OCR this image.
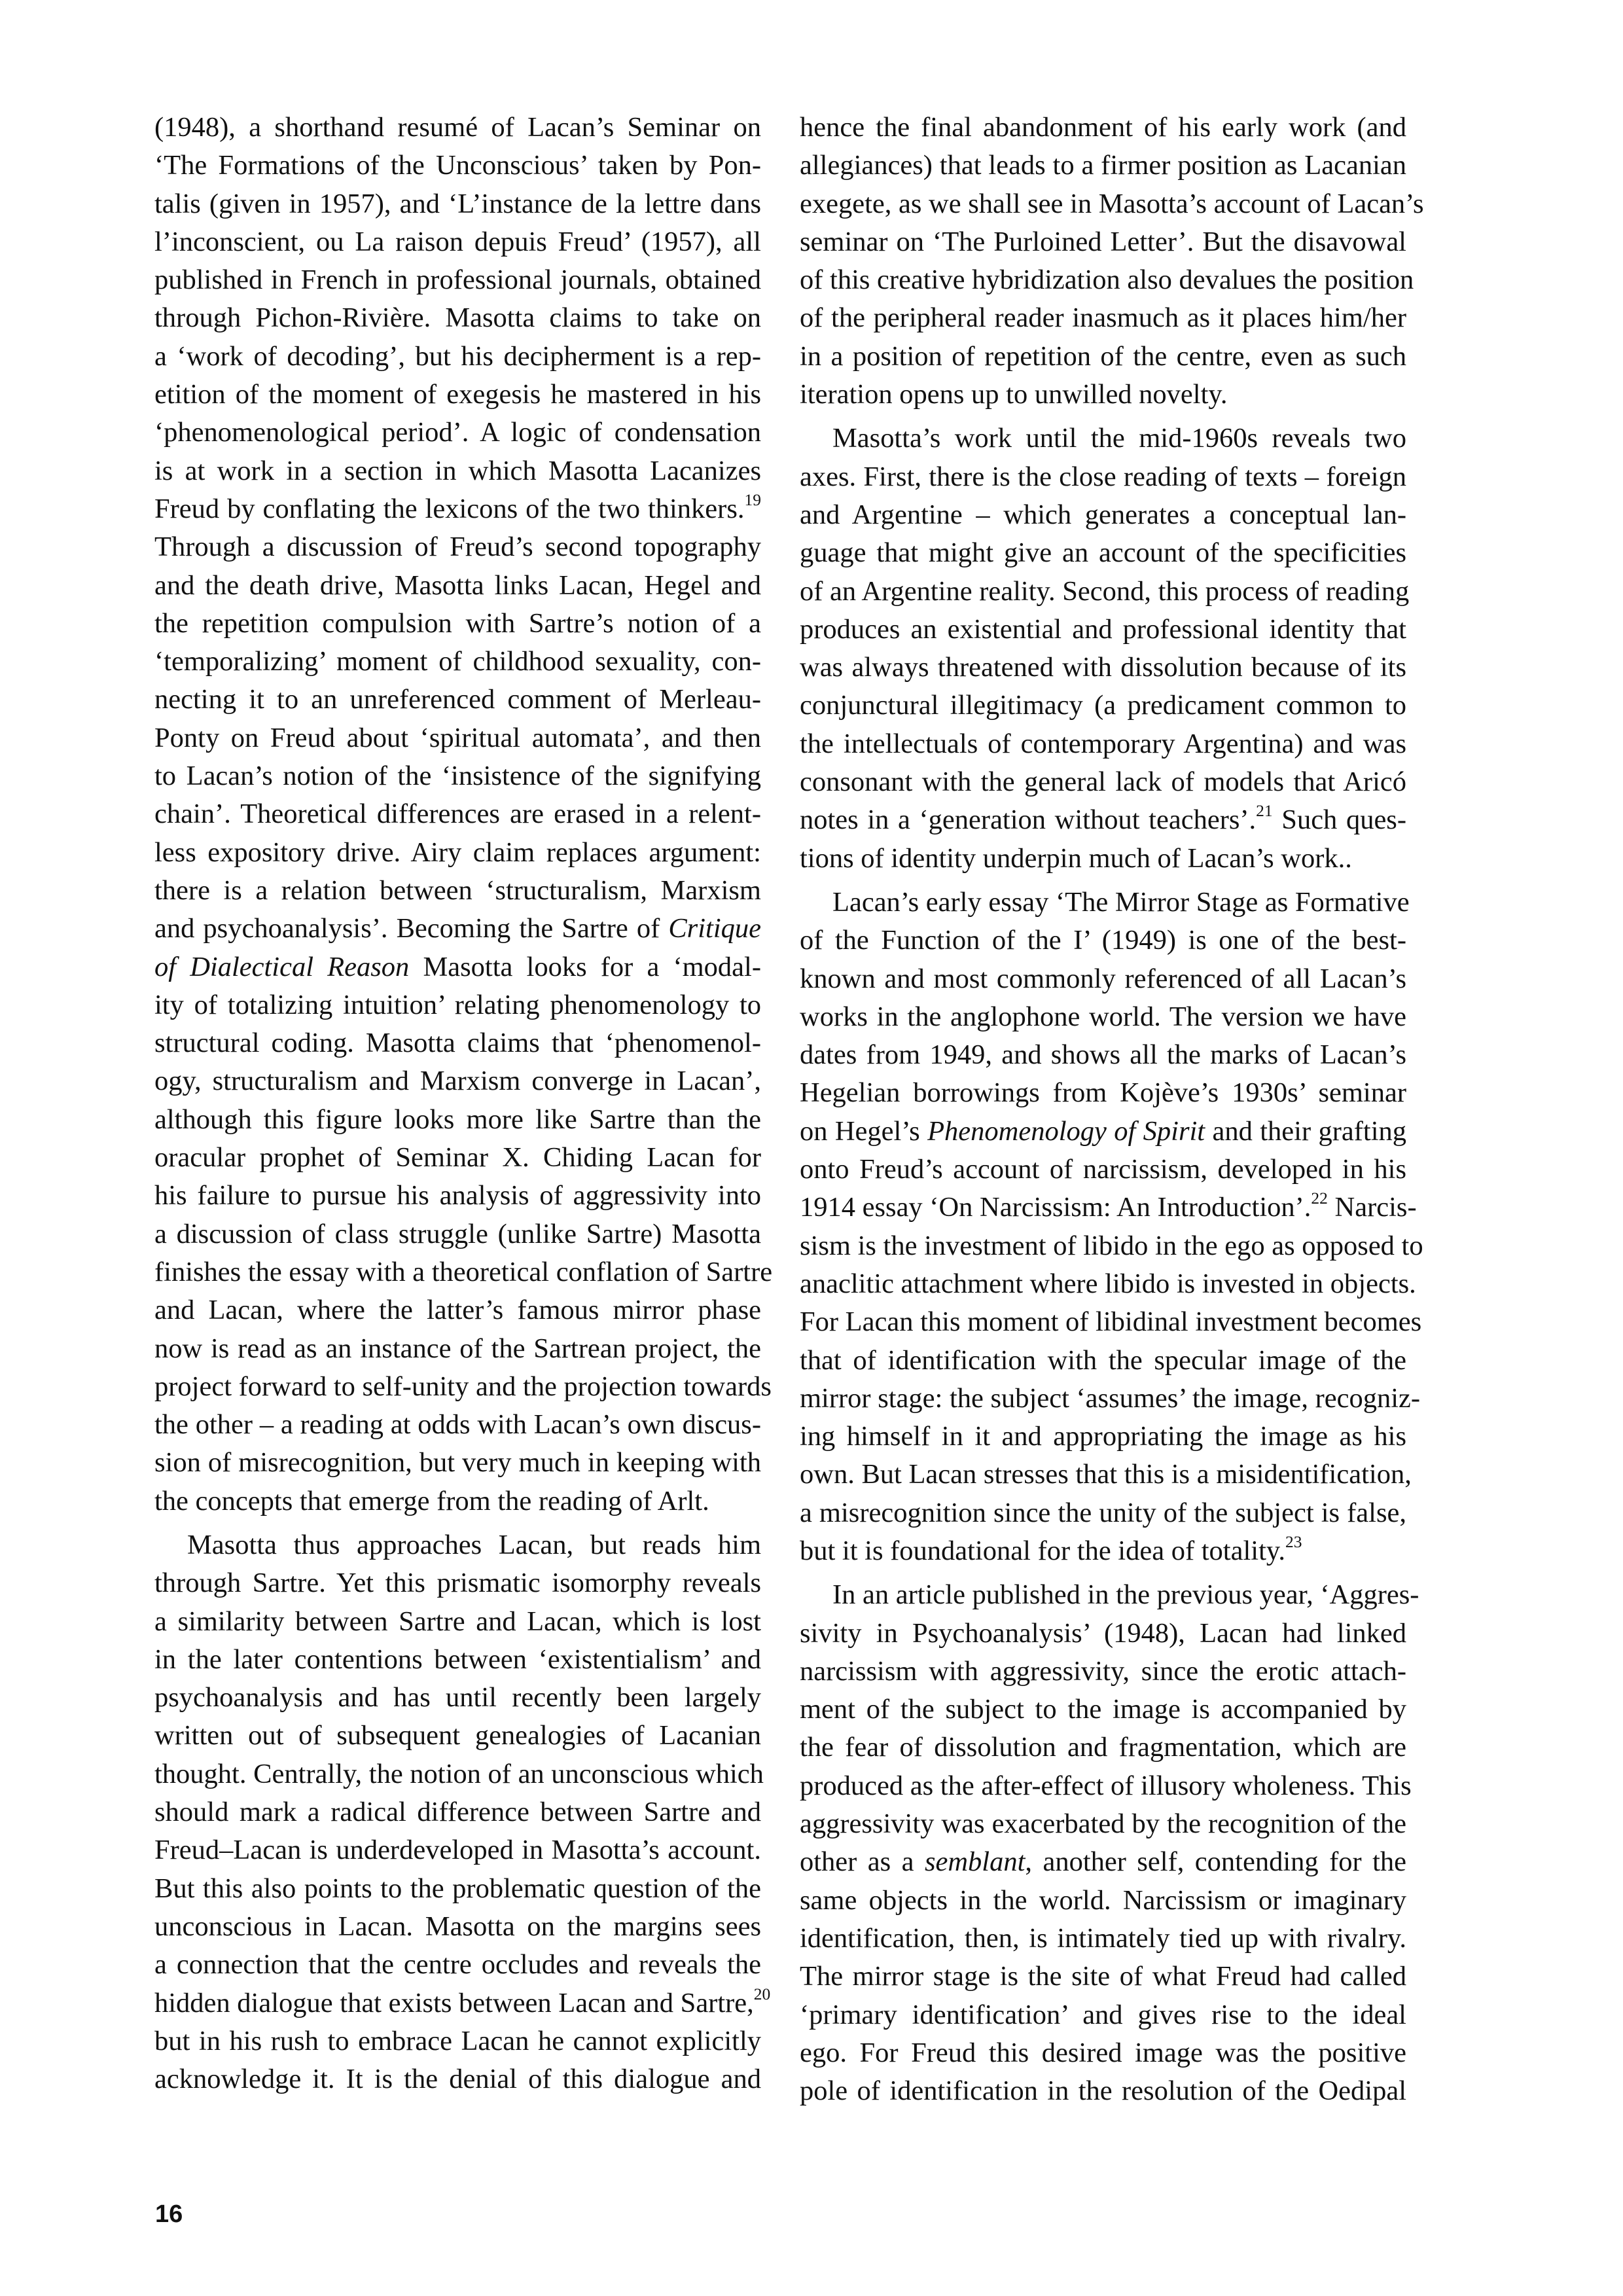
(1948), a shorthand resumé of Lacan’s Seminar on
‘The Formations of the Unconscious’ taken by Pon-
talis (given in 1957), and ‘L’instance de la lettre dans
l’inconscient, ou La raison depuis Freud’ (1957), all
published in French in professional journals, obtained
through Pichon-Rivière. Masotta claims to take on
a ‘work of decoding’, but his decipherment is a rep-
etition of the moment of exegesis he mastered in his
‘phenomenological period’. A logic of condensation
is at work in a section in which Masotta Lacanizes
Freud by conflating the lexicons of the two thinkers.$^{19}$
Through a discussion of Freud’s second topography
and the death drive, Masotta links Lacan, Hegel and
the repetition compulsion with Sartre’s notion of a
‘temporalizing’ moment of childhood sexuality, con-
necting it to an unreferenced comment of Merleau-
Ponty on Freud about ‘spiritual automata’, and then
to Lacan’s notion of the ‘insistence of the signifying
chain’. Theoretical differences are erased in a relent-
less expository drive. Airy claim replaces argument:
there is a relation between ‘structuralism, Marxism
and psychoanalysis’. Becoming the Sartre of Critique
of Dialectical Reason Masotta looks for a ‘modal-
ity of totalizing intuition’ relating phenomenology to
structural coding. Masotta claims that ‘phenomenol-
ogy, structuralism and Marxism converge in Lacan’,
although this figure looks more like Sartre than the
oracular prophet of Seminar X. Chiding Lacan for
his failure to pursue his analysis of aggressivity into
a discussion of class struggle (unlike Sartre) Masotta
finishes the essay with a theoretical conflation of Sartre
and Lacan, where the latter’s famous mirror phase
now is read as an instance of the Sartrean project, the
project forward to self-unity and the projection towards
the other – a reading at odds with Lacan’s own discus-
sion of misrecognition, but very much in keeping with
the concepts that emerge from the reading of Arlt.
Masotta thus approaches Lacan, but reads him
through Sartre. Yet this prismatic isomorphy reveals
a similarity between Sartre and Lacan, which is lost
in the later contentions between ‘existentialism’ and
psychoanalysis and has until recently been largely
written out of subsequent genealogies of Lacanian
thought. Centrally, the notion of an unconscious which
should mark a radical difference between Sartre and
Freud–Lacan is underdeveloped in Masotta’s account.
But this also points to the problematic question of the
unconscious in Lacan. Masotta on the margins sees
a connection that the centre occludes and reveals the
hidden dialogue that exists between Lacan and Sartre,$^{20}$
but in his rush to embrace Lacan he cannot explicitly
acknowledge it. It is the denial of this dialogue and
hence the final abandonment of his early work (and
allegiances) that leads to a firmer position as Lacanian
exegete, as we shall see in Masotta’s account of Lacan’s
seminar on ‘The Purloined Letter’. But the disavowal
of this creative hybridization also devalues the position
of the peripheral reader inasmuch as it places him/her
in a position of repetition of the centre, even as such
iteration opens up to unwilled novelty.
Masotta’s work until the mid-1960s reveals two
axes. First, there is the close reading of texts – foreign
and Argentine – which generates a conceptual lan-
guage that might give an account of the specificities
of an Argentine reality. Second, this process of reading
produces an existential and professional identity that
was always threatened with dissolution because of its
conjunctural illegitimacy (a predicament common to
the intellectuals of contemporary Argentina) and was
consonant with the general lack of models that Aricó
notes in a ‘generation without teachers’.$^{21}$ Such ques-
tions of identity underpin much of Lacan’s work..
Lacan’s early essay ‘The Mirror Stage as Formative
of the Function of the I’ (1949) is one of the best-
known and most commonly referenced of all Lacan’s
works in the anglophone world. The version we have
dates from 1949, and shows all the marks of Lacan’s
Hegelian borrowings from Kojève’s 1930s’ seminar
on Hegel’s Phenomenology of Spirit and their grafting
onto Freud’s account of narcissism, developed in his
1914 essay ‘On Narcissism: An Introduction’.$^{22}$ Narcis-
sism is the investment of libido in the ego as opposed to
anaclitic attachment where libido is invested in objects.
For Lacan this moment of libidinal investment becomes
that of identification with the specular image of the
mirror stage: the subject ‘assumes’ the image, recogniz-
ing himself in it and appropriating the image as his
own. But Lacan stresses that this is a misidentification,
a misrecognition since the unity of the subject is false,
but it is foundational for the idea of totality.$^{23}$
In an article published in the previous year, ‘Aggres-
sivity in Psychoanalysis’ (1948), Lacan had linked
narcissism with aggressivity, since the erotic attach-
ment of the subject to the image is accompanied by
the fear of dissolution and fragmentation, which are
produced as the after-effect of illusory wholeness. This
aggressivity was exacerbated by the recognition of the
other as a semblant, another self, contending for the
same objects in the world. Narcissism or imaginary
identification, then, is intimately tied up with rivalry.
The mirror stage is the site of what Freud had called
‘primary identification’ and gives rise to the ideal
ego. For Freud this desired image was the positive
pole of identification in the resolution of the Oedipal
16
